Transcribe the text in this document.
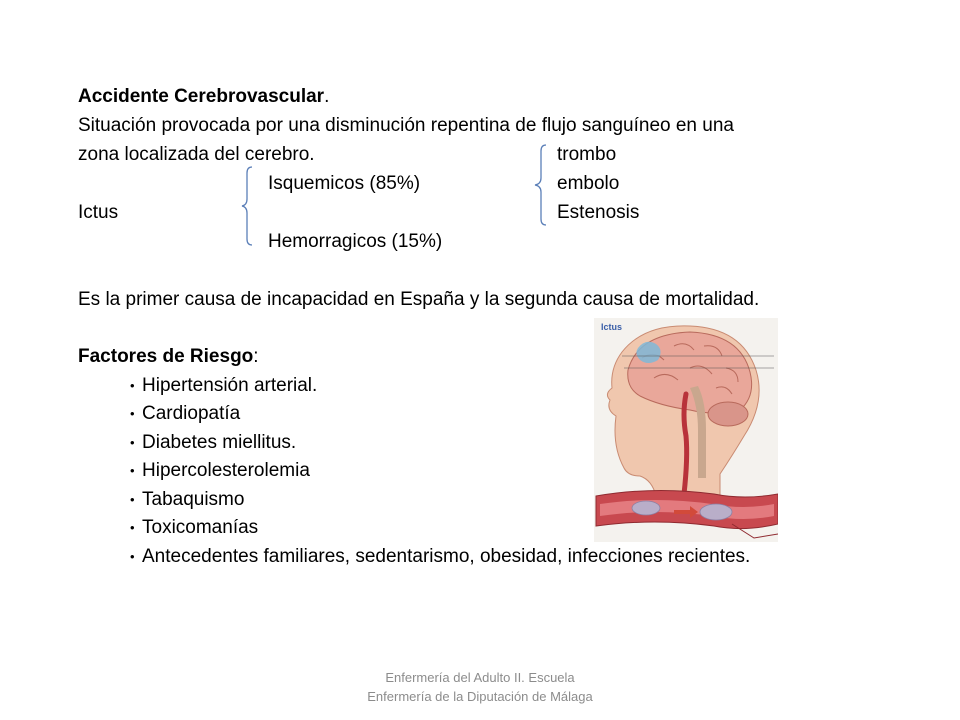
Accidente Cerebrovascular.
Situación provocada por una disminución repentina de flujo sanguíneo en una
zona localizada del cerebro.	trombo
Isquemicos (85%)	embolo
Ictus	Estenosis
Hemorragicos (15%)
Es la primer causa de incapacidad en España y la segunda causa de mortalidad.
Factores de Riesgo:
• Hipertensión arterial.
• Cardiopatía
• Diabetes miellitus.
• Hipercolesterolemia
• Tabaquismo
• Toxicomanías
• Antecedentes familiares, sedentarismo, obesidad, infecciones recientes.
Ictus
Enfermería del Adulto II. Escuela
Enfermería de la Diputación de Málaga
